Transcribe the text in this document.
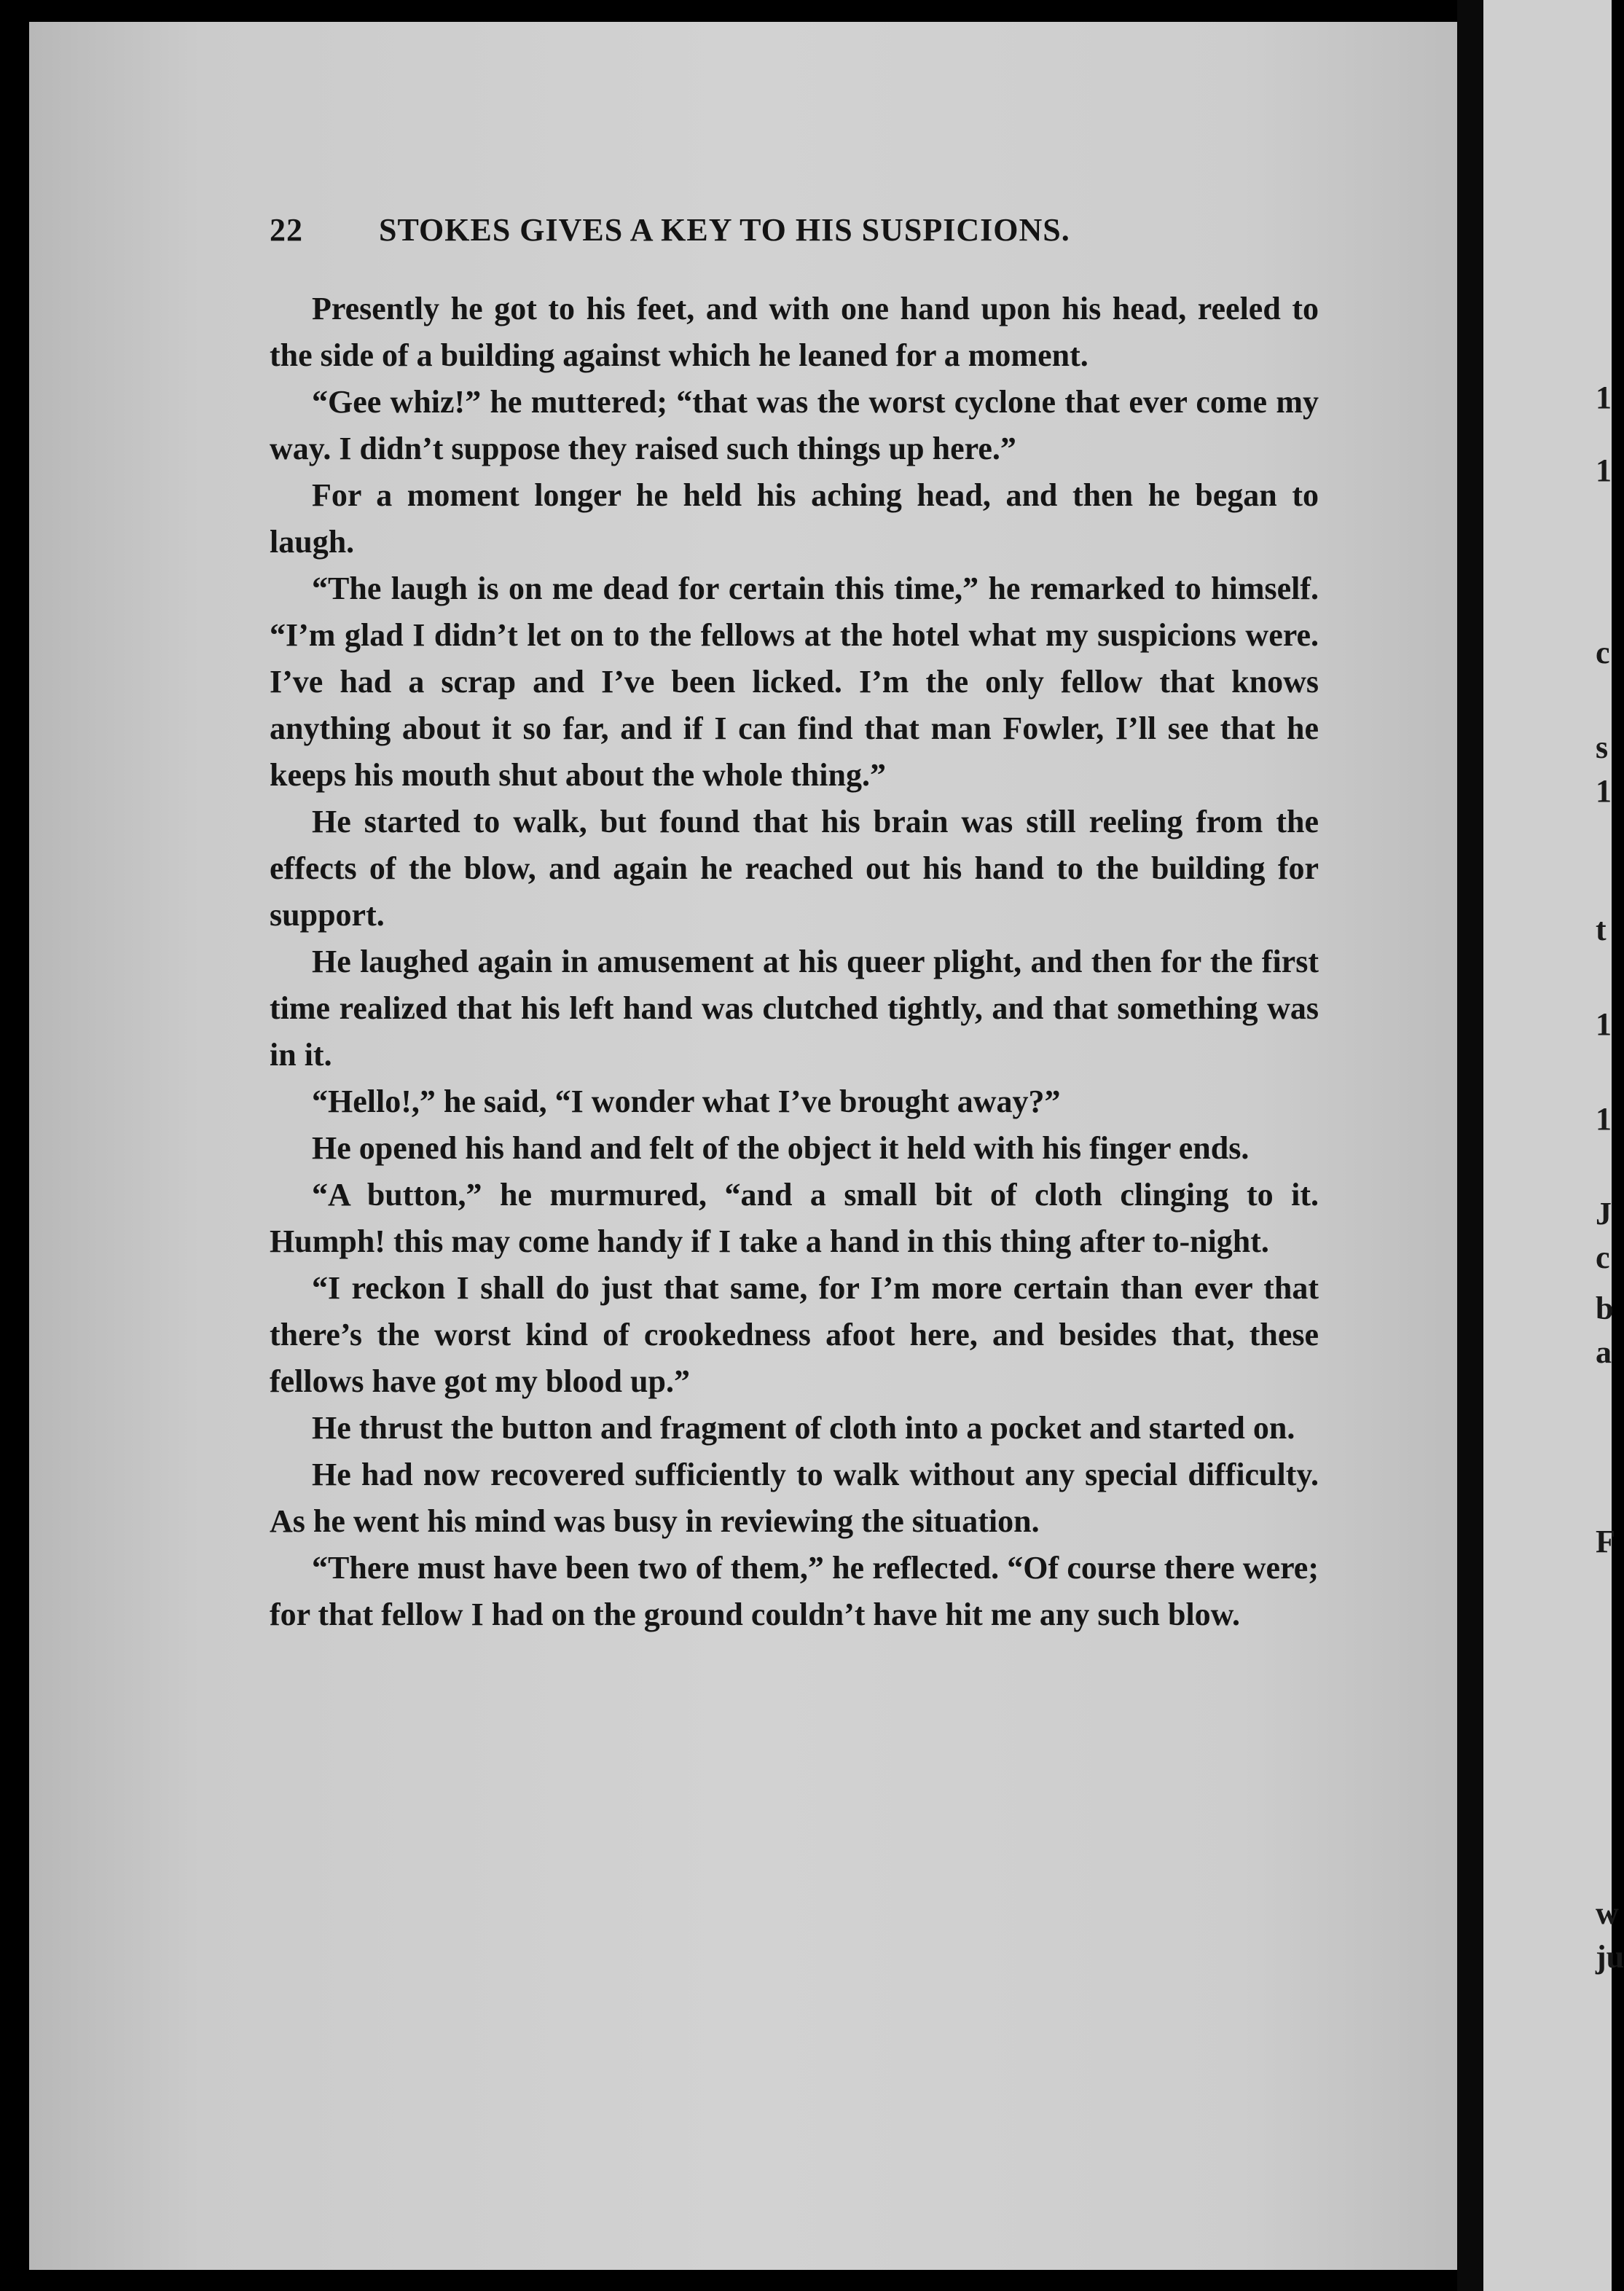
22 STOKES GIVES A KEY TO HIS SUSPICIONS.

Presently he got to his feet, and with one hand upon his head, reeled to the side of a building against which he leaned for a moment.

“Gee whiz!” he muttered; “that was the worst cyclone that ever come my way. I didn’t suppose they raised such things up here.”

For a moment longer he held his aching head, and then he began to laugh.

“The laugh is on me dead for certain this time,” he remarked to himself. “I’m glad I didn’t let on to the fellows at the hotel what my suspicions were. I’ve had a scrap and I’ve been licked. I’m the only fellow that knows anything about it so far, and if I can find that man Fowler, I’ll see that he keeps his mouth shut about the whole thing.”

He started to walk, but found that his brain was still reeling from the effects of the blow, and again he reached out his hand to the building for support.

He laughed again in amusement at his queer plight, and then for the first time realized that his left hand was clutched tightly, and that something was in it.

“Hello!,” he said, “I wonder what I’ve brought away?”

He opened his hand and felt of the object it held with his finger ends.

“A button,” he murmured, “and a small bit of cloth clinging to it. Humph! this may come handy if I take a hand in this thing after to-night.

“I reckon I shall do just that same, for I’m more certain than ever that there’s the worst kind of crookedness afoot here, and besides that, these fellows have got my blood up.”

He thrust the button and fragment of cloth into a pocket and started on.

He had now recovered sufficiently to walk without any special difficulty. As he went his mind was busy in reviewing the situation.

“There must have been two of them,” he reflected. “Of course there were; for that fellow I had on the ground couldn’t have hit me any such blow.

1
1
c
s
1
t
1
1
J
c
b
a
F
w
ju
